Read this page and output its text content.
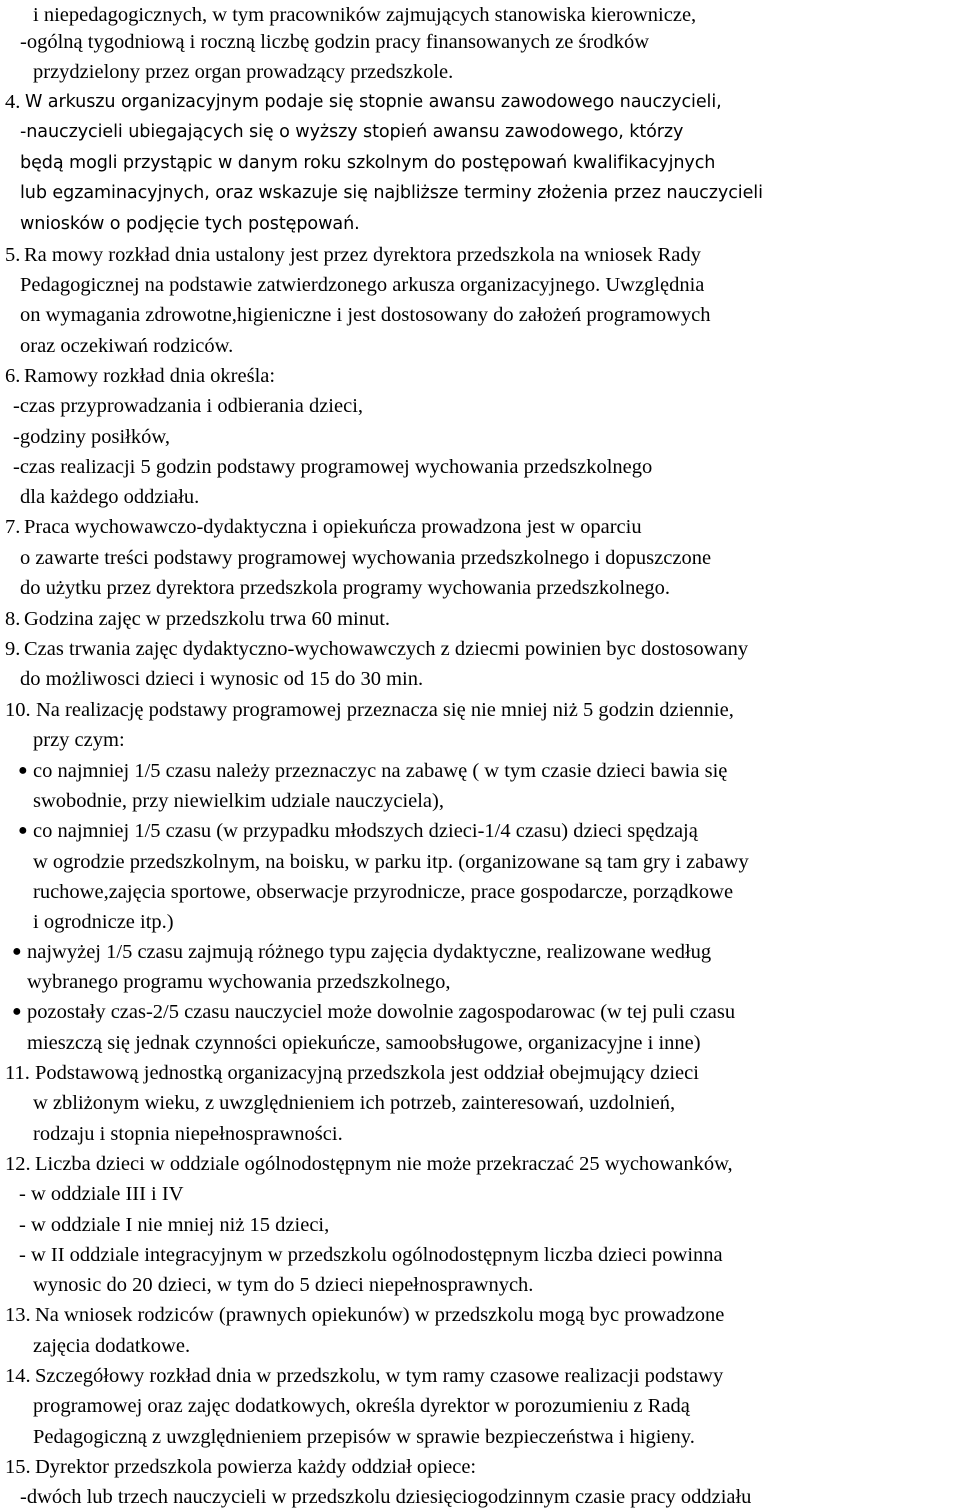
i niepedagogicznych, w tym pracowników zajmujących stanowiska kierownicze,
-ogólną tygodniową i roczną liczbę godzin pracy finansowanych ze środków
przydzielony przez organ prowadzący przedszkole.
4. W arkuszu organizacyjnym podaje się stopnie awansu zawodowego nauczycieli,
-nauczycieli ubiegających się o wyższy stopień awansu zawodowego, którzy
będą mogli przystąpic w danym roku szkolnym do postępowań kwalifikacyjnych
lub egzaminacyjnych, oraz wskazuje się najbliższe terminy złożenia przez nauczycieli
wniosków o podjęcie tych postępowań.
5. Ra mowy rozkład dnia ustalony jest przez dyrektora przedszkola na wniosek Rady
Pedagogicznej na podstawie zatwierdzonego arkusza organizacyjnego. Uwzględnia
on wymagania zdrowotne,higieniczne i jest dostosowany do założeń programowych
oraz oczekiwań rodziców.
6. Ramowy rozkład dnia określa:
-czas przyprowadzania i odbierania dzieci,
-godziny posiłków,
-czas realizacji 5 godzin podstawy programowej wychowania przedszkolnego
dla każdego oddziału.
7. Praca wychowawczo-dydaktyczna i opiekuńcza prowadzona jest w oparciu
o zawarte treści podstawy programowej wychowania przedszkolnego i dopuszczone
do użytku przez dyrektora przedszkola programy wychowania przedszkolnego.
8. Godzina zajęc w przedszkolu trwa 60 minut.
9. Czas trwania zajęc dydaktyczno-wychowawczych z dziecmi powinien byc dostosowany
do możliwosci dzieci i wynosic od 15 do 30 min.
10. Na realizację podstawy programowej przeznacza się nie mniej niż 5 godzin dziennie,
przy czym:
● co najmniej 1/5 czasu należy przeznaczyc na zabawę ( w tym czasie dzieci bawia się
swobodnie, przy niewielkim udziale nauczyciela),
● co najmniej 1/5 czasu (w przypadku młodszych dzieci-1/4 czasu) dzieci spędzają
w ogrodzie przedszkolnym, na boisku, w parku itp. (organizowane są tam gry i zabawy
ruchowe,zajęcia sportowe, obserwacje przyrodnicze, prace gospodarcze, porządkowe
i ogrodnicze itp.)
● najwyżej 1/5 czasu zajmują różnego typu zajęcia dydaktyczne, realizowane według
wybranego programu wychowania przedszkolnego,
● pozostały czas-2/5 czasu nauczyciel może dowolnie zagospodarowac (w tej puli czasu
mieszczą się jednak czynności opiekuńcze, samoobsługowe, organizacyjne i inne)
11. Podstawową jednostką organizacyjną przedszkola jest oddział obejmujący dzieci
w zbliżonym wieku, z uwzględnieniem ich potrzeb, zainteresowań, uzdolnień,
rodzaju i stopnia niepełnosprawności.
12. Liczba dzieci w oddziale ogólnodostępnym nie może przekraczać 25 wychowanków,
- w oddziale III i IV
- w oddziale I nie mniej niż 15 dzieci,
- w II oddziale integracyjnym w przedszkolu ogólnodostępnym liczba dzieci powinna
wynosic do 20 dzieci, w tym do 5 dzieci niepełnosprawnych.
13. Na wniosek rodziców (prawnych opiekunów) w przedszkolu mogą byc prowadzone
zajęcia dodatkowe.
14. Szczegółowy rozkład dnia w przedszkolu, w tym ramy czasowe realizacji podstawy
programowej oraz zajęc dodatkowych, określa dyrektor w porozumieniu z Radą
Pedagogiczną z uwzględnieniem przepisów w sprawie bezpieczeństwa i higieny.
15. Dyrektor przedszkola powierza każdy oddział opiece:
-dwóch lub trzech nauczycieli w przedszkolu dziesięciogodzinnym czasie pracy oddziału
